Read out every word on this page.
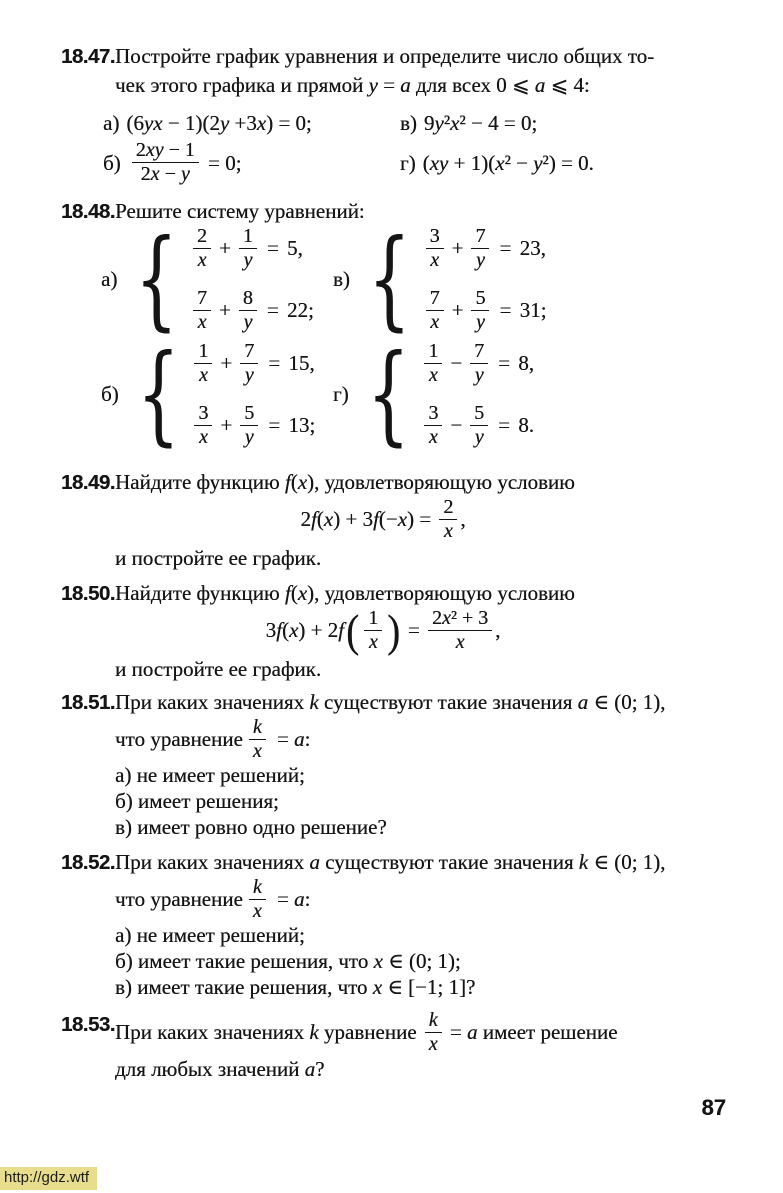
18.47. Постройте график уравнения и определите число общих то-
чек этого графика и прямой y = a для всех 0 ⩽ a ⩽ 4:
а) (6yx − 1)(2y +3x) = 0;	в) 9y²x² − 4 = 0;
$б) \frac{2xy - 1}{2x - y} = 0$;	г) (xy + 1)(x² − y²) = 0.
18.48. Решите систему уравнений:
а) { $\frac{2}{x} + \frac{1}{y} = 5$,
$\frac{7}{x} + \frac{8}{y} = 22$;
в) { $\frac{3}{x} + \frac{7}{y} = 23$,
$\frac{7}{x} + \frac{5}{y} = 31$;
б) { $\frac{1}{x} + \frac{7}{y} = 15$,
$\frac{3}{x} + \frac{5}{y} = 13$;
г) { $\frac{1}{x} - \frac{7}{y} = 8$,
$\frac{3}{x} - \frac{5}{y} = 8$.
18.49. Найдите функцию f(x), удовлетворяющую условию
$2f(x) + 3f(-x) = \frac{2}{x}$ ,
и постройте ее график.
18.50. Найдите функцию f(x), удовлетворяющую условию
3f(x) + 2f ( $\frac{1}{x}$ ) = $\frac{\text{2x² + 3}}{x}$ ,
и постройте ее график.
18.51. При каких значениях k существуют такие значения a ∈ (0; 1),
что уравнение $\frac{k}{x} = a$:
а) не имеет решений;
б) имеет решения;
в) имеет ровно одно решение?
18.52. При каких значениях a существуют такие значения k ∈ (0; 1),
что уравнение $\frac{k}{x} = a$:
а) не имеет решений;
б) имеет такие решения, что x ∈ (0; 1);
в) имеет такие решения, что x ∈ [−1; 1]?
18.53. При каких значениях k уравнение $\frac{k}{x} = a$ имеет решение
для любых значений a?
87
http://gdz.wtf
